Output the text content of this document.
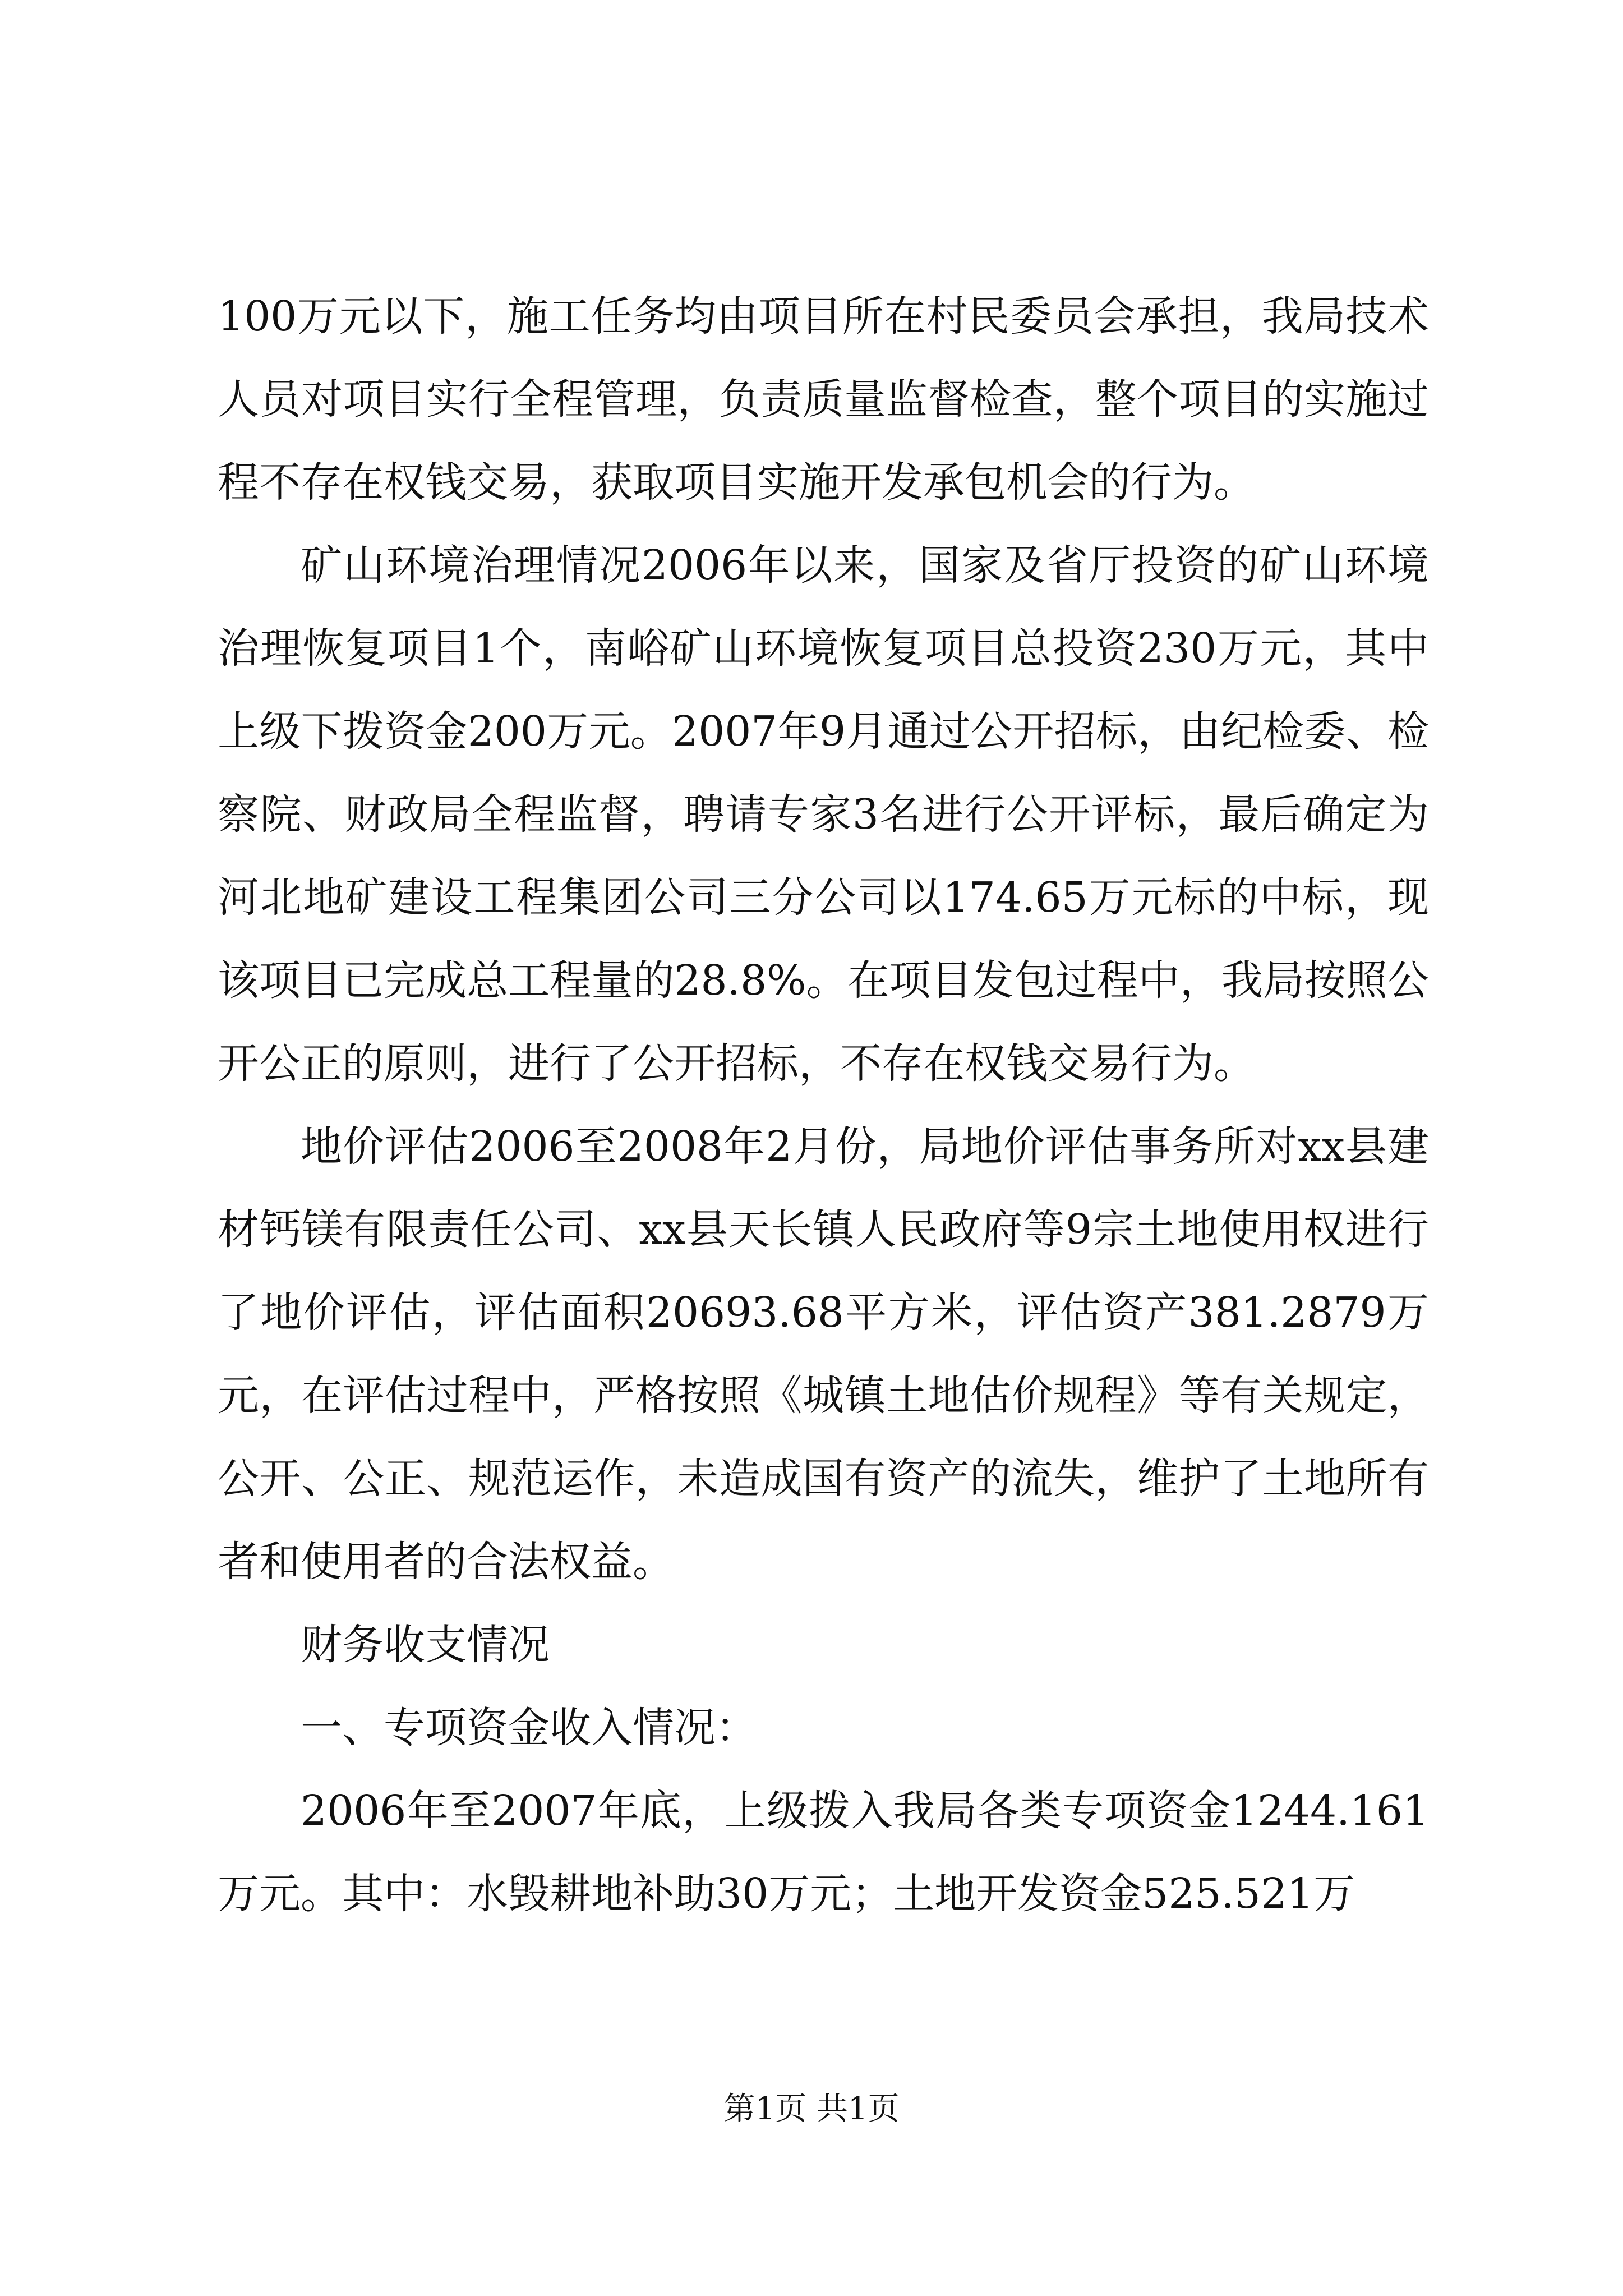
100万元以下，施工任务均由项目所在村民委员会承担，我局技术人员对项目实行全程管理，负责质量监督检查，整个项目的实施过程不存在权钱交易，获取项目实施开发承包机会的行为。

矿山环境治理情况2006年以来，国家及省厅投资的矿山环境治理恢复项目1个，南峪矿山环境恢复项目总投资230万元，其中上级下拨资金200万元。2007年9月通过公开招标，由纪检委、检察院、财政局全程监督，聘请专家3名进行公开评标，最后确定为河北地矿建设工程集团公司三分公司以174.65万元标的中标，现该项目已完成总工程量的28.8%。在项目发包过程中，我局按照公开公正的原则，进行了公开招标，不存在权钱交易行为。

地价评估2006至2008年2月份，局地价评估事务所对xx县建材钙镁有限责任公司、xx县天长镇人民政府等9宗土地使用权进行了地价评估，评估面积20693.68平方米，评估资产381.2879万元，在评估过程中，严格按照《城镇土地估价规程》等有关规定，公开、公正、规范运作，未造成国有资产的流失，维护了土地所有者和使用者的合法权益。

财务收支情况

一、专项资金收入情况：

2006年至2007年底，上级拨入我局各类专项资金1244.161万元。其中：水毁耕地补助30万元；土地开发资金525.521万

第1页 共1页
